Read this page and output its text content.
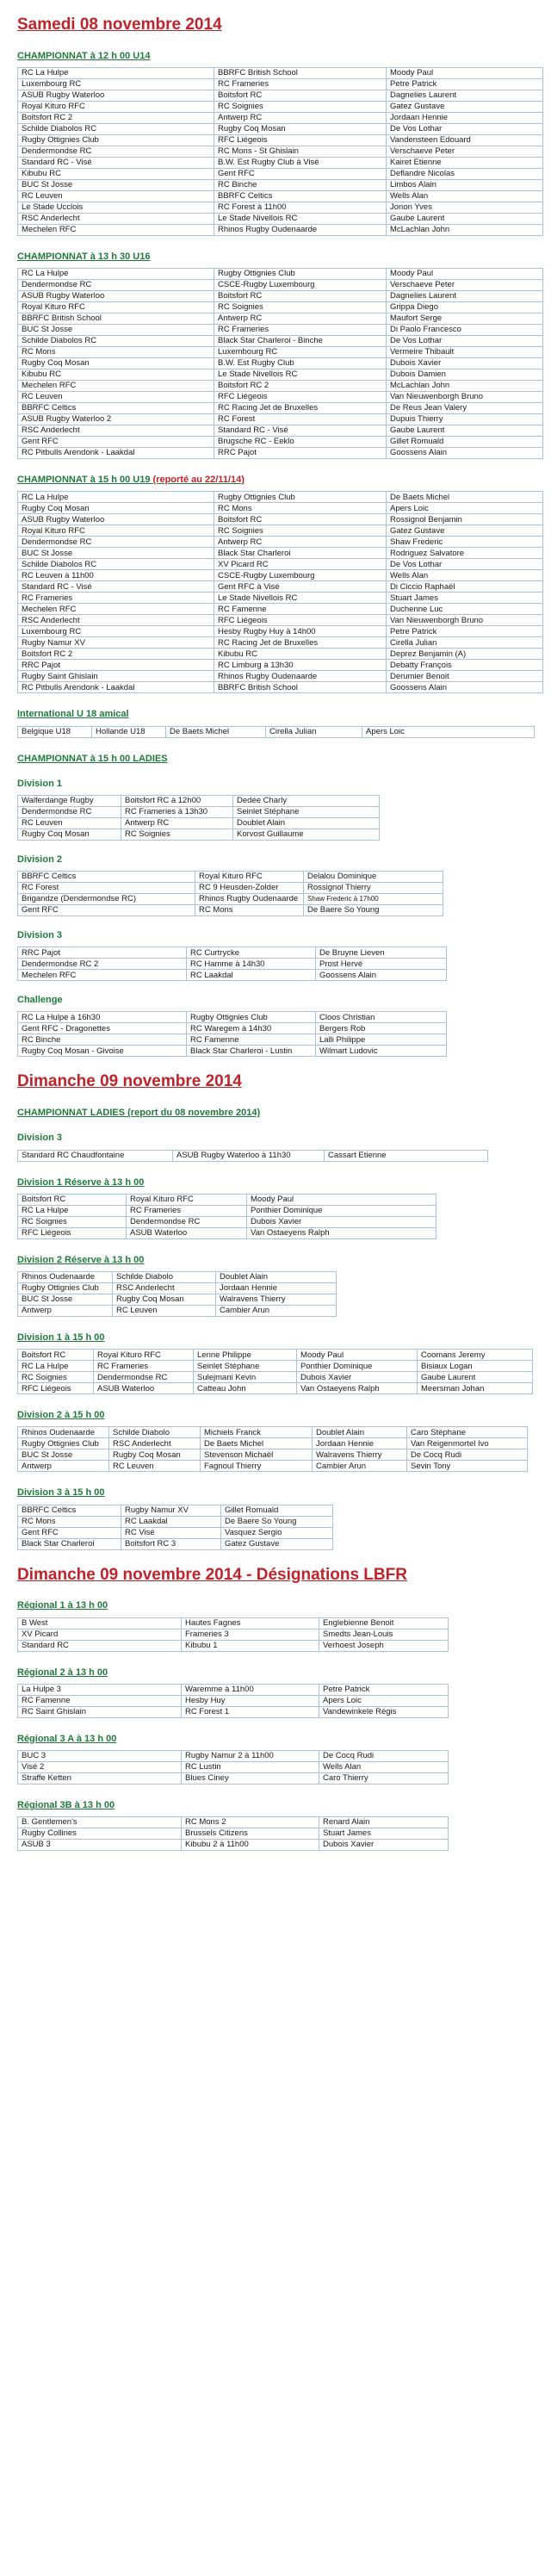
Samedi 08 novembre 2014
CHAMPIONNAT à 12 h 00 U14
RC La Hulpe	BBRFC British School	Moody Paul
Luxembourg RC	RC Frameries	Petre Patrick
ASUB Rugby Waterloo	Boitsfort RC	Dagnelies Laurent
Royal Kituro RFC	RC Soignies	Gatez Gustave
Boitsfort RC 2	Antwerp RC	Jordaan Hennie
Schilde Diabolos RC	Rugby Coq Mosan	De Vos Lothar
Rugby Ottignies Club	RFC Liégeois	Vandensteen Edouard
Dendermondse RC	RC Mons - St Ghislain	Verschaeve Peter
Standard RC - Visé	B.W. Est Rugby Club à Visé	Kairet Etienne
Kibubu RC	Gent RFC	Deflandre Nicolas
BUC St Josse	RC Binche	Limbos Alain
RC Leuven	BBRFC Celtics	Wells Alan
Le Stade Ucclois	RC Forest à 11h00	Jonon Yves
RSC Anderlecht	Le Stade Nivellois RC	Gaube Laurent
Mechelen RFC	Rhinos Rugby Oudenaarde	McLachlan John
CHAMPIONNAT à 13 h 30 U16
RC La Hulpe	Rugby Ottignies Club	Moody Paul
Dendermondse RC	CSCE-Rugby Luxembourg	Verschaeve Peter
ASUB Rugby Waterloo	Boitsfort RC	Dagnelies Laurent
Royal Kituro RFC	RC Soignies	Grippa Diego
BBRFC British School	Antwerp RC	Maufort Serge
BUC St Josse	RC Frameries	Di Paolo Francesco
Schilde Diabolos RC	Black Star Charleroi - Binche	De Vos Lothar
RC Mons	Luxembourg RC	Vermeire Thibault
Rugby Coq Mosan	B.W. Est Rugby Club	Dubois Xavier
Kibubu RC	Le Stade Nivellois RC	Dubois Damien
Mechelen RFC	Boitsfort RC 2	McLachlan John
RC Leuven	RFC Liégeois	Van Nieuwenborgh Bruno
BBRFC Celtics	RC Racing Jet de Bruxelles	De Reus Jean Valery
ASUB Rugby Waterloo 2	RC Forest	Dupuis Thierry
RSC Anderlecht	Standard RC - Visé	Gaube Laurent
Gent RFC	Brugsche RC - Eeklo	Gillet Romuald
RC Pitbulls Arendonk - Laakdal	RRC Pajot	Goossens Alain
CHAMPIONNAT à 15 h 00 U19 (reporté au 22/11/14)
RC La Hulpe	Rugby Ottignies Club	De Baets Michel
Rugby Coq Mosan	RC Mons	Apers Loic
ASUB Rugby Waterloo	Boitsfort RC	Rossignol Benjamin
Royal Kituro RFC	RC Soignies	Gatez Gustave
Dendermondse RC	Antwerp RC	Shaw Frederic
BUC St Josse	Black Star Charleroi	Rodriguez Salvatore
Schilde Diabolos RC	XV Picard RC	De Vos Lothar
RC Leuven à 11h00	CSCE-Rugby Luxembourg	Wells Alan
Standard RC - Visé	Gent RFC à Visé	Di Ciccio Raphaël
RC Frameries	Le Stade Nivellois RC	Stuart James
Mechelen RFC	RC Famenne	Duchenne Luc
RSC Anderlecht	RFC Liégeois	Van Nieuwenborgh Bruno
Luxembourg RC	Hesby Rugby Huy à 14h00	Petre Patrick
Rugby Namur XV	RC Racing Jet de Bruxelles	Cirella Julian
Boitsfort RC 2	Kibubu RC	Deprez Benjamin (A)
RRC Pajot	RC Limburg à 13h30	Debatty François
Rugby Saint Ghislain	Rhinos Rugby Oudenaarde	Derumier Benoit
RC Pitbulls Arendonk - Laakdal	BBRFC British School	Goossens Alain
International U 18 amical
Belgique U18	Hollande U18	De Baets Michel	Cirella Julian	Apers Loic
CHAMPIONNAT à 15 h 00 LADIES
Division 1
Walferdange Rugby	Boitsfort RC à 12h00	Dedée Charly
Dendermondse RC	RC Frameries à 13h30	Seinlet Stéphane
RC Leuven	Antwerp RC	Doublet Alain
Rugby Coq Mosan	RC Soignies	Korvost Guillaume
Division 2
BBRFC Celtics	Royal Kituro RFC	Delalou Dominique
RC Forest	RC 9 Heusden-Zolder	Rossignol Thierry
Brigandze (Dendermondse RC)	Rhinos Rugby Oudenaarde	Shaw Frederic à 17h00
Gent RFC	RC Mons	De Baere So Young
Division 3
RRC Pajot	RC Curtrycke	De Bruyne Lieven
Dendermondse RC 2	RC Hamme à 14h30	Prost Hervé
Mechelen RFC	RC Laakdal	Goossens Alain
Challenge
RC La Hulpe à 16h30	Rugby Ottignies Club	Cloos Christian
Gent RFC - Dragonettes	RC Waregem à 14h30	Bergers Rob
RC Binche	RC Famenne	Lalli Philippe
Rugby Coq Mosan - Givoise	Black Star Charleroi - Lustin	Wilmart Ludovic
Dimanche 09 novembre 2014
CHAMPIONNAT LADIES (report du 08 novembre 2014)
Division 3
Standard RC Chaudfontaine	ASUB Rugby Waterloo à 11h30	Cassart Etienne
Division 1 Réserve à 13 h 00
Boitsfort RC	Royal Kituro RFC	Moody Paul
RC La Hulpe	RC Frameries	Ponthier Dominique
RC Soignies	Dendermondse RC	Dubois Xavier
RFC Liégeois	ASUB Waterloo	Van Ostaeyens Ralph
Division 2 Réserve à 13 h 00
Rhinos Oudenaarde	Schilde Diabolo	Doublet Alain
Rugby Ottignies Club	RSC Anderlecht	Jordaan Hennie
BUC St Josse	Rugby Coq Mosan	Walravens Thierry
Antwerp	RC Leuven	Cambier Arun
Division 1 à 15 h 00
Boitsfort RC	Royal Kituro RFC	Lenne Philippe	Moody Paul	Coomans Jeremy
RC La Hulpe	RC Frameries	Seinlet Stéphane	Ponthier Dominique	Bisiaux Logan
RC Soignies	Dendermondse RC	Sulejmani Kevin	Dubois Xavier	Gaube Laurent
RFC Liégeois	ASUB Waterloo	Catteau John	Van Ostaeyens Ralph	Meersman Johan
Division 2 à 15 h 00
Rhinos Oudenaarde	Schilde Diabolo	Michiels Franck	Doublet Alain	Caro Stéphane
Rugby Ottignies Club	RSC Anderlecht	De Baets Michel	Jordaan Hennie	Van Reigenmortel Ivo
BUC St Josse	Rugby Coq Mosan	Stevenson Michaël	Walravens Thierry	De Cocq Rudi
Antwerp	RC Leuven	Fagnoul Thierry	Cambier Arun	Sevin Tony
Division 3 à 15 h 00
BBRFC Celtics	Rugby Namur XV	Gillet Romuald
RC Mons	RC Laakdal	De Baere So Young
Gent RFC	RC Visé	Vasquez Sergio
Black Star Charleroi	Boitsfort RC 3	Gatez Gustave
Dimanche 09 novembre 2014 - Désignations LBFR
Régional 1 à 13 h 00
B West	Hautes Fagnes	Englebienne Benoit
XV Picard	Frameries 3	Smedts Jean-Louis
Standard RC	Kibubu 1	Verhoest Joseph
Régional 2 à 13 h 00
La Hulpe 3	Waremme à 11h00	Petre Patrick
RC Famenne	Hesby Huy	Apers Loic
RC Saint Ghislain	RC Forest 1	Vandewinkele Régis
Régional 3 A à 13 h 00
BUC 3	Rugby Namur 2 à 11h00	De Cocq Rudi
Visé 2	RC Lustin	Wells Alan
Straffe Ketten	Blues Ciney	Caro Thierry
Régional 3B à 13 h 00
B. Gentlemen's	RC Mons 2	Renard Alain
Rugby Collines	Brussels Citizens	Stuart James
ASUB 3	Kibubu 2 à 11h00	Dubois Xavier
